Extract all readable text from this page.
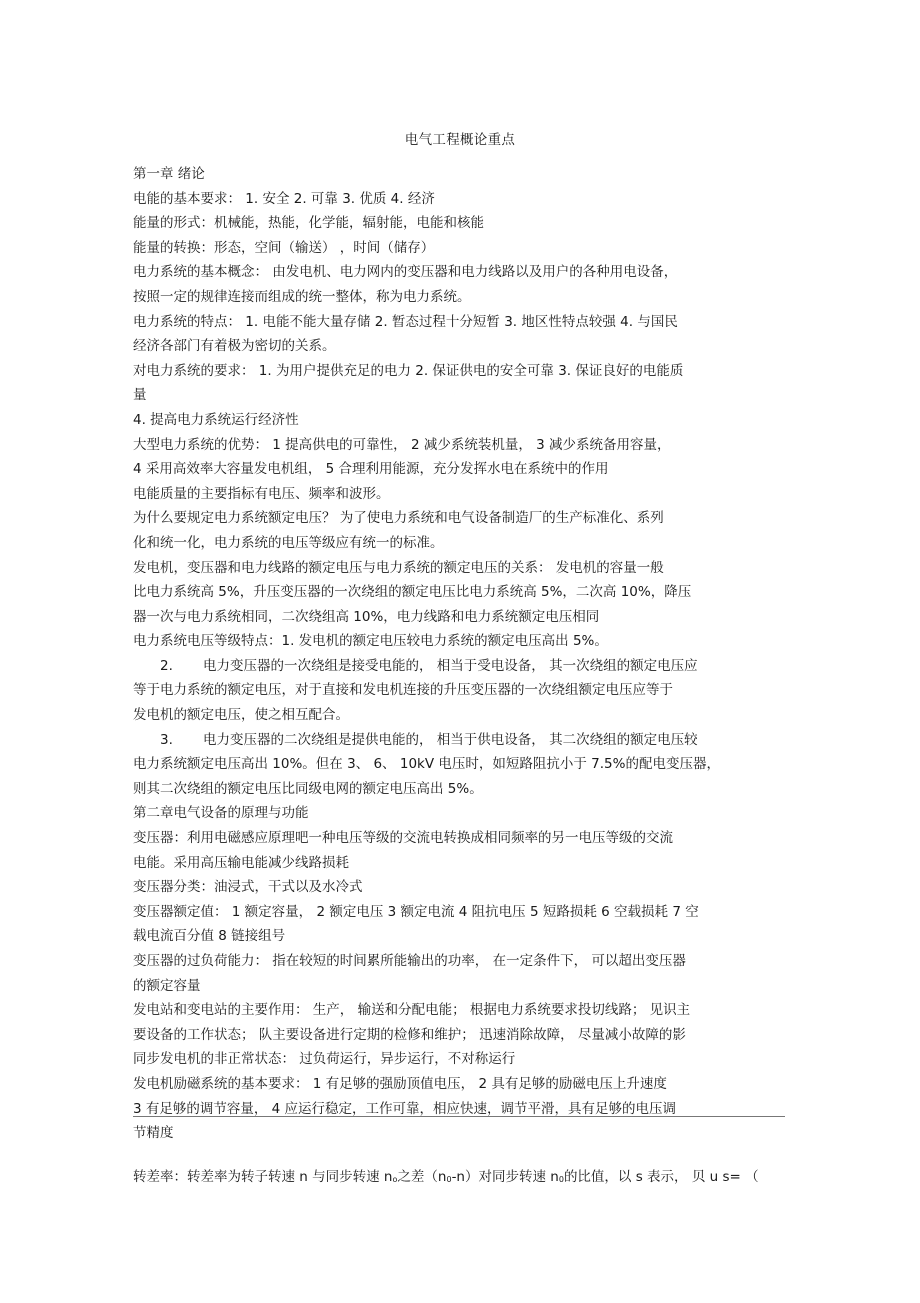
电气工程概论重点
第一章 绪论
电能的基本要求： 1. 安全 2. 可靠 3. 优质 4. 经济
能量的形式：机械能，热能，化学能，辐射能，电能和核能
能量的转换：形态，空间（输送） ，时间（储存）
电力系统的基本概念： 由发电机、电力网内的变压器和电力线路以及用户的各种用电设备，
按照一定的规律连接而组成的统一整体，称为电力系统。
电力系统的特点： 1. 电能不能大量存储 2. 暂态过程十分短暂 3. 地区性特点较强 4. 与国民
经济各部门有着极为密切的关系。
对电力系统的要求： 1. 为用户提供充足的电力 2. 保证供电的安全可靠 3. 保证良好的电能质
量
4. 提高电力系统运行经济性
大型电力系统的优势： 1 提高供电的可靠性， 2 减少系统装机量， 3 减少系统备用容量，
4 采用高效率大容量发电机组， 5 合理利用能源，充分发挥水电在系统中的作用
电能质量的主要指标有电压、频率和波形。
为什么要规定电力系统额定电压？ 为了使电力系统和电气设备制造厂的生产标准化、系列
化和统一化，电力系统的电压等级应有统一的标准。
发电机，变压器和电力线路的额定电压与电力系统的额定电压的关系： 发电机的容量一般
比电力系统高 5%，升压变压器的一次绕组的额定电压比电力系统高 5%，二次高 10%，降压
器一次与电力系统相同，二次绕组高 10%，电力线路和电力系统额定电压相同
电力系统电压等级特点：1. 发电机的额定电压较电力系统的额定电压高出 5%。
2. 电力变压器的一次绕组是接受电能的， 相当于受电设备， 其一次绕组的额定电压应
等于电力系统的额定电压，对于直接和发电机连接的升压变压器的一次绕组额定电压应等于
发电机的额定电压，使之相互配合。
3. 电力变压器的二次绕组是提供电能的， 相当于供电设备， 其二次绕组的额定电压较
电力系统额定电压高出 10%。但在 3、 6、 10kV 电压时，如短路阻抗小于 7.5%的配电变压器，
则其二次绕组的额定电压比同级电网的额定电压高出 5%。
第二章电气设备的原理与功能
变压器：利用电磁感应原理吧一种电压等级的交流电转换成相同频率的另一电压等级的交流
电能。采用高压输电能减少线路损耗
变压器分类：油浸式，干式以及水冷式
变压器额定值： 1 额定容量， 2 额定电压 3 额定电流 4 阻抗电压 5 短路损耗 6 空载损耗 7 空
载电流百分值 8 链接组号
变压器的过负荷能力： 指在较短的时间累所能输出的功率， 在一定条件下， 可以超出变压器
的额定容量
发电站和变电站的主要作用： 生产， 输送和分配电能； 根据电力系统要求投切线路； 见识主
要设备的工作状态； 队主要设备进行定期的检修和维护； 迅速消除故障， 尽量减小故障的影
同步发电机的非正常状态： 过负荷运行，异步运行，不对称运行
发电机励磁系统的基本要求： 1 有足够的强励顶值电压， 2 具有足够的励磁电压上升速度
3 有足够的调节容量， 4 应运行稳定，工作可靠，相应快速，调节平滑，具有足够的电压调
节精度
转差率：转差率为转子转速 n 与同步转速 $n_o$之差$(n_0-n)$对同步转速 $n_0$的比值，以 s 表示， 贝 u s= （
